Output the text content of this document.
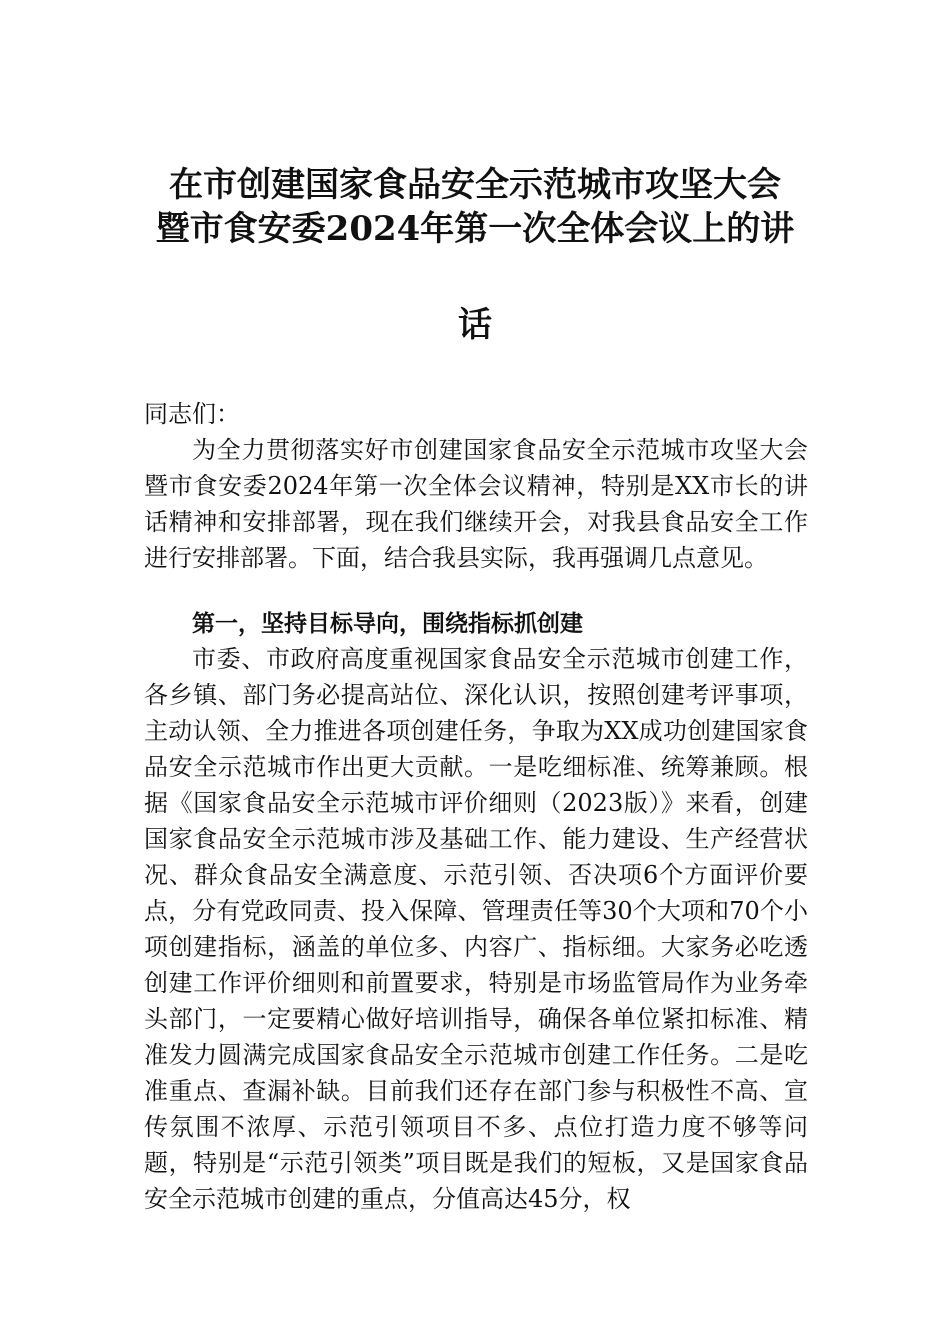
在市创建国家食品安全示范城市攻坚大会
暨市食安委2024年第一次全体会议上的讲
话
同志们：
为全力贯彻落实好市创建国家食品安全示范城市攻坚大会暨市食安委2024年第一次全体会议精神，特别是XX市长的讲话精神和安排部署，现在我们继续开会，对我县食品安全工作进行安排部署。下面，结合我县实际，我再强调几点意见。
第一，坚持目标导向，围绕指标抓创建
市委、市政府高度重视国家食品安全示范城市创建工作，各乡镇、部门务必提高站位、深化认识，按照创建考评事项，主动认领、全力推进各项创建任务，争取为XX成功创建国家食品安全示范城市作出更大贡献。一是吃细标准、统筹兼顾。根据《国家食品安全示范城市评价细则（2023版）》来看，创建国家食品安全示范城市涉及基础工作、能力建设、生产经营状况、群众食品安全满意度、示范引领、否决项6个方面评价要点，分有党政同责、投入保障、管理责任等30个大项和70个小项创建指标，涵盖的单位多、内容广、指标细。大家务必吃透创建工作评价细则和前置要求，特别是市场监管局作为业务牵头部门，一定要精心做好培训指导，确保各单位紧扣标准、精准发力圆满完成国家食品安全示范城市创建工作任务。二是吃准重点、查漏补缺。目前我们还存在部门参与积极性不高、宣传氛围不浓厚、示范引领项目不多、点位打造力度不够等问题，特别是“示范引领类”项目既是我们的短板，又是国家食品安全示范城市创建的重点，分值高达45分，权
